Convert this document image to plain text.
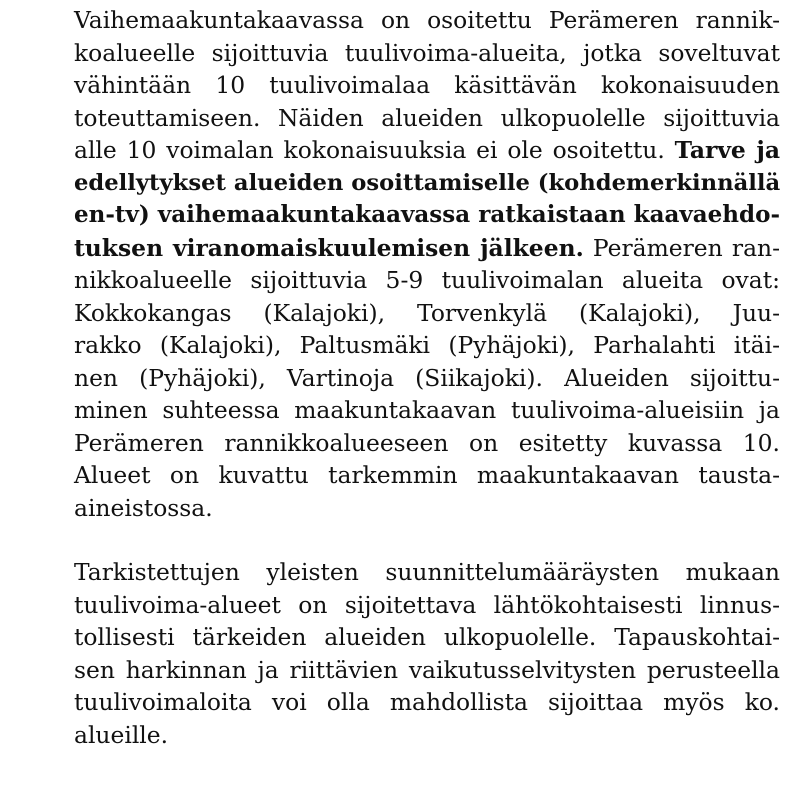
Vaihemaakuntakaavassa on osoitettu Perämeren rannik-
koalueelle sijoittuvia tuulivoima-alueita, jotka soveltuvat
vähintään 10 tuulivoimalaa käsittävän kokonaisuuden
toteuttamiseen. Näiden alueiden ulkopuolelle sijoittuvia
alle 10 voimalan kokonaisuuksia ei ole osoitettu. Tarve ja
edellytykset alueiden osoittamiselle (kohdemerkinnällä
en-tv) vaihemaakuntakaavassa ratkaistaan kaavaehdo-
tuksen viranomaiskuulemisen jälkeen. Perämeren ran-
nikkoalueelle sijoittuvia 5-9 tuulivoimalan alueita ovat:
Kokkokangas (Kalajoki), Torvenkylä (Kalajoki), Juu-
rakko (Kalajoki), Paltusmäki (Pyhäjoki), Parhalahti itäi-
nen (Pyhäjoki), Vartinoja (Siikajoki). Alueiden sijoittu-
minen suhteessa maakuntakaavan tuulivoima-alueisiin ja
Perämeren rannikkoalueeseen on esitetty kuvassa 10.
Alueet on kuvattu tarkemmin maakuntakaavan tausta-
aineistossa.
Tarkistettujen yleisten suunnittelumääräysten mukaan
tuulivoima-alueet on sijoitettava lähtökohtaisesti linnus-
tollisesti tärkeiden alueiden ulkopuolelle. Tapauskohtai-
sen harkinnan ja riittävien vaikutusselvitysten perusteella
tuulivoimaloita voi olla mahdollista sijoittaa myös ko.
alueille.
